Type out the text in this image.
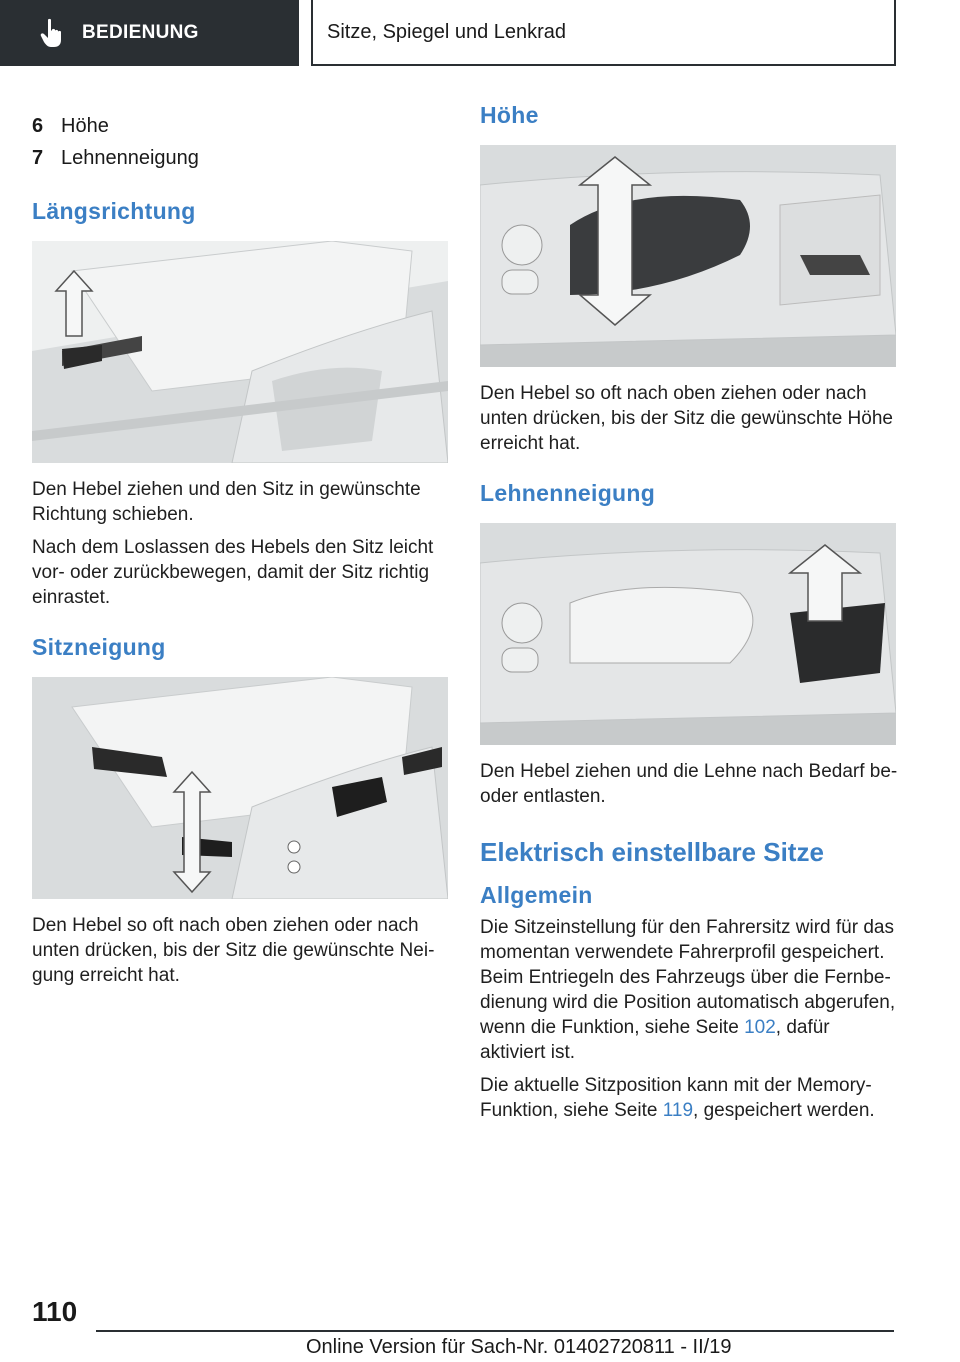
BEDIENUNG	Sitze, Spiegel und Lenkrad
6 Höhe
7 Lehnenneigung
Längsrichtung

Den Hebel ziehen und den Sitz in gewünschte Richtung schieben.

Nach dem Loslassen des Hebels den Sitz leicht vor- oder zurückbewegen, damit der Sitz richtig einrastet.

Sitzneigung

Den Hebel so oft nach oben ziehen oder nach unten drücken, bis der Sitz die gewünschte Neigung erreicht hat.

Höhe

Den Hebel so oft nach oben ziehen oder nach unten drücken, bis der Sitz die gewünschte Höhe erreicht hat.

Lehnenneigung

Den Hebel ziehen und die Lehne nach Bedarf be- oder entlasten.

Elektrisch einstellbare Sitze
Allgemein

Die Sitzeinstellung für den Fahrersitz wird für das momentan verwendete Fahrerprofil gespeichert. Beim Entriegeln des Fahrzeugs über die Fernbedienung wird die Position automatisch abgerufen, wenn die Funktion, siehe Seite 102, dafür aktiviert ist.

Die aktuelle Sitzposition kann mit der Memory-Funktion, siehe Seite 119, gespeichert werden.

110
Online Version für Sach-Nr. 01402720811 - II/19
